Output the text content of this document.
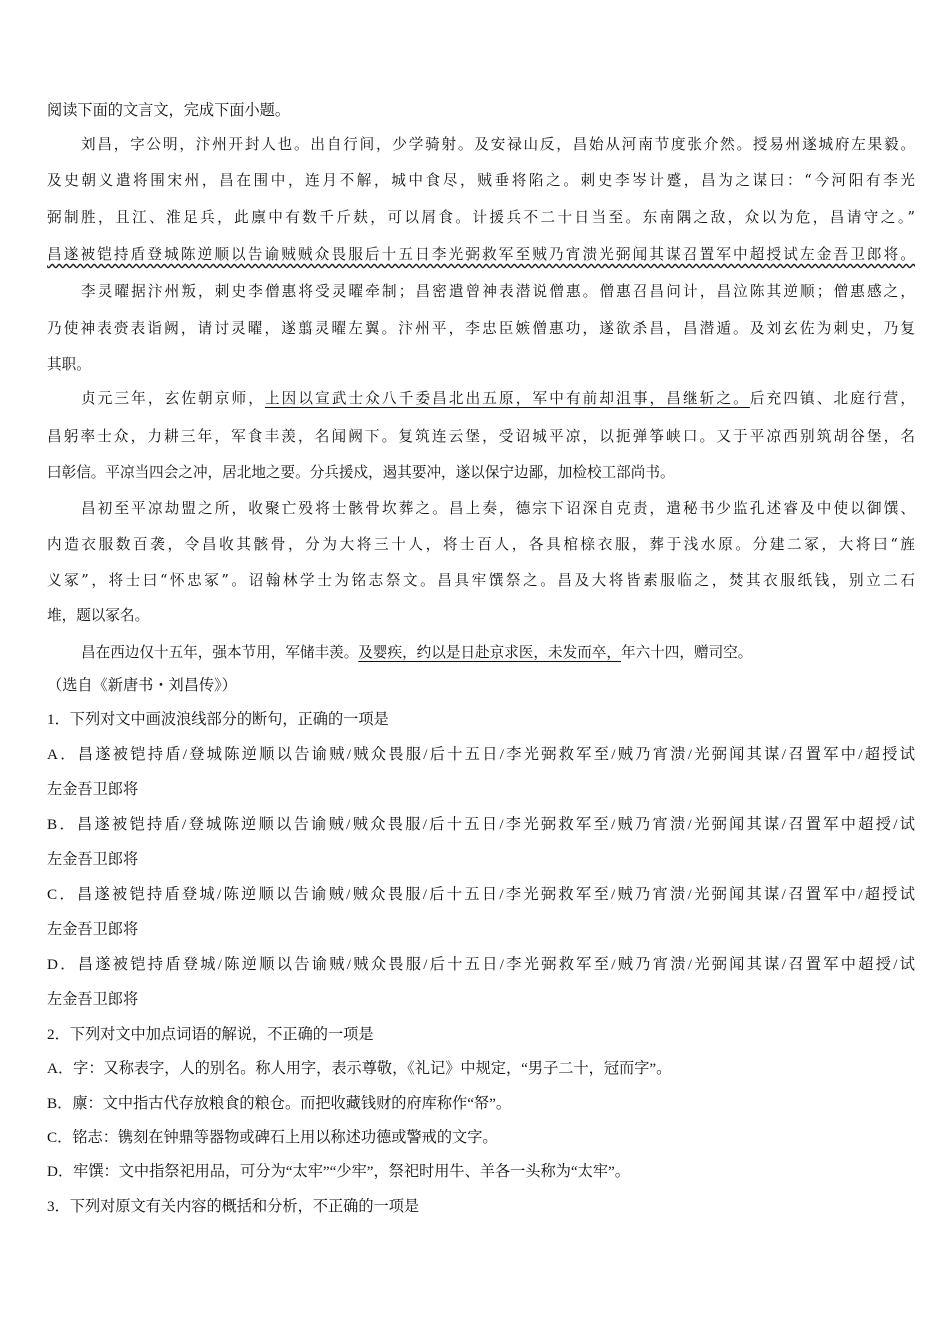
阅读下面的文言文，完成下面小题。
刘昌，字公明，汴州开封人也。出自行间，少学骑射。及安禄山反，昌始从河南节度张介然。授易州遂城府左果毅。
及史朝义遣将围宋州，昌在围中，连月不解，城中食尽，贼垂将陷之。刺史李岑计蹙，昌为之谋曰：“今河阳有李光
弼制胜，且江、淮足兵，此廪中有数千斤麸，可以屑食。计援兵不二十日当至。东南隅之敌，众以为危，昌请守之。”
昌遂被铠持盾登城陈逆顺以告谕贼贼众畏服后十五日李光弼救军至贼乃宵溃光弼闻其谋召置军中超授试左金吾卫郎将。
李灵曜据汴州叛，刺史李僧惠将受灵曜牵制；昌密遣曾神表潜说僧惠。僧惠召昌问计，昌泣陈其逆顺；僧惠感之，
乃使神表赍表诣阙，请讨灵曜，遂翦灵曜左翼。汴州平，李忠臣嫉僧惠功，遂欲杀昌，昌潜遁。及刘玄佐为刺史，乃复
其职。
贞元三年，玄佐朝京师，上因以宣武士众八千委昌北出五原，军中有前却沮事，昌继斩之。后充四镇、北庭行营，
昌躬率士众，力耕三年，军食丰羡，名闻阙下。复筑连云堡，受诏城平凉，以扼弹筝峡口。又于平凉西别筑胡谷堡，名
曰彰信。平凉当四会之冲，居北地之要。分兵援戍，遏其要冲，遂以保宁边鄙，加检校工部尚书。
昌初至平凉劫盟之所，收聚亡殁将士骸骨坎葬之。昌上奏，德宗下诏深自克责，遣秘书少监孔述睿及中使以御馔、
内造衣服数百袭，令昌收其骸骨，分为大将三十人，将士百人，各具棺榇衣服，葬于浅水原。分建二冢，大将曰“旌
义冢”，将士曰“怀忠冢”。诏翰林学士为铭志祭文。昌具牢馔祭之。昌及大将皆素服临之，焚其衣服纸钱，别立二石
堆，题以冢名。
昌在西边仅十五年，强本节用，军储丰羡。及婴疾，约以是日赴京求医，未发而卒，年六十四，赠司空。
（选自《新唐书・刘昌传》）
1．下列对文中画波浪线部分的断句，正确的一项是
A．昌遂被铠持盾/登城陈逆顺以告谕贼/贼众畏服/后十五日/李光弼救军至/贼乃宵溃/光弼闻其谋/召置军中/超授试
左金吾卫郎将
B．昌遂被铠持盾/登城陈逆顺以告谕贼/贼众畏服/后十五日/李光弼救军至/贼乃宵溃/光弼闻其谋/召置军中超授/试
左金吾卫郎将
C．昌遂被铠持盾登城/陈逆顺以告谕贼/贼众畏服/后十五日/李光弼救军至/贼乃宵溃/光弼闻其谋/召置军中/超授试
左金吾卫郎将
D．昌遂被铠持盾登城/陈逆顺以告谕贼/贼众畏服/后十五日/李光弼救军至/贼乃宵溃/光弼闻其谋/召置军中超授/试
左金吾卫郎将
2．下列对文中加点词语的解说，不正确的一项是
A．字：又称表字，人的别名。称人用字，表示尊敬，《礼记》中规定，“男子二十，冠而字”。
B．廪：文中指古代存放粮食的粮仓。而把收藏钱财的府库称作“帑”。
C．铭志：镌刻在钟鼎等器物或碑石上用以称述功德或警戒的文字。
D．牢馔：文中指祭祀用品，可分为“太牢”“少牢”，祭祀时用牛、羊各一头称为“太牢”。
3．下列对原文有关内容的概括和分析，不正确的一项是
